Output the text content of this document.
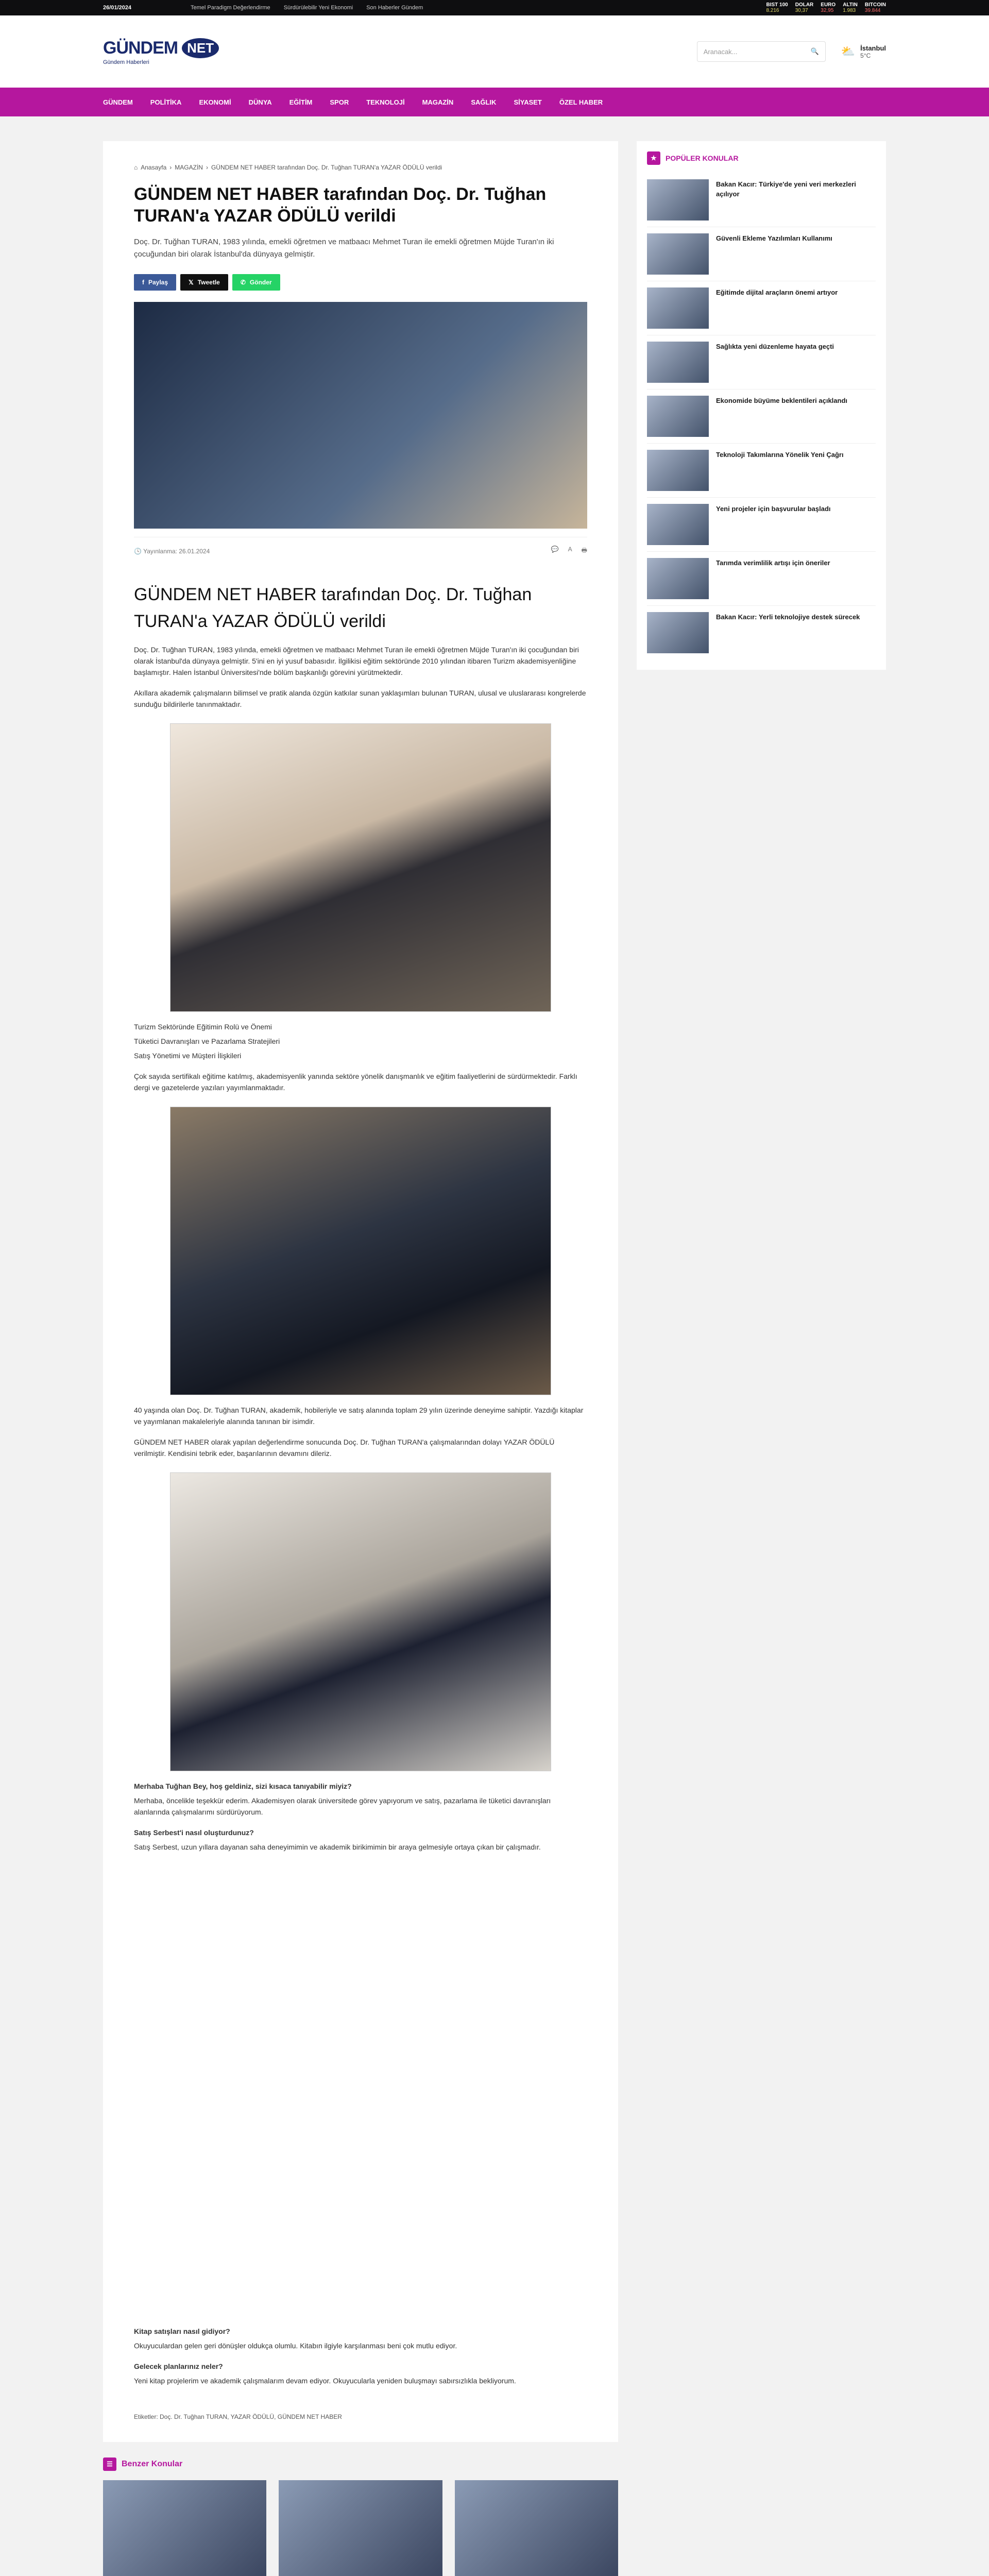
26/01/2024	Temel Paradigm Değerlendirme Sürdürülebilir Yeni Ekonomi Son Haberler Gündem	BIST 100
8.216
DOLAR
30,37
EURO
32,95
ALTIN
1.983
BITCOIN
39.844
GÜNDEM NET
Gündem Haberleri
Aranacak...	🔍 ⛅ İstanbul
5°C
GÜNDEM	POLİTİKA	EKONOMİ	DÜNYA	EĞİTİM	SPOR	TEKNOLOJİ	MAGAZİN	SAĞLIK	SİYASET	ÖZEL HABER
⌂ Anasayfa › MAGAZİN › GÜNDEM NET HABER tarafından Doç. Dr. Tuğhan TURAN'a YAZAR ÖDÜLÜ verildi
GÜNDEM NET HABER tarafından Doç. Dr. Tuğhan TURAN'a YAZAR ÖDÜLÜ verildi

Doç. Dr. Tuğhan TURAN, 1983 yılında, emekli öğretmen ve matbaacı Mehmet Turan ile emekli öğretmen Müjde Turan'ın iki çocuğundan biri olarak İstanbul'da dünyaya gelmiştir.

f Paylaş	𝕏 Tweetle	✆ Gönder
🕓 Yayınlanma: 26.01.2024	💬 A 🖶
GÜNDEM NET HABER tarafından Doç. Dr. Tuğhan TURAN'a YAZAR ÖDÜLÜ verildi

Doç. Dr. Tuğhan TURAN, 1983 yılında, emekli öğretmen ve matbaacı Mehmet Turan ile emekli öğretmen Müjde Turan'ın iki çocuğundan biri olarak İstanbul'da dünyaya gelmiştir. 5'ini en iyi yusuf babasıdır. İlgilikisi eğitim sektöründe 2010 yılından itibaren Turizm akademisyenliğine başlamıştır. Halen İstanbul Üniversitesi'nde bölüm başkanlığı görevini yürütmektedir.

Akıllara akademik çalışmaların bilimsel ve pratik alanda özgün katkılar sunan yaklaşımları bulunan TURAN, ulusal ve uluslararası kongrelerde sunduğu bildirilerle tanınmaktadır.

Turizm Sektöründe Eğitimin Rolü ve Önemi

Tüketici Davranışları ve Pazarlama Stratejileri

Satış Yönetimi ve Müşteri İlişkileri

Çok sayıda sertifikalı eğitime katılmış, akademisyenlik yanında sektöre yönelik danışmanlık ve eğitim faaliyetlerini de sürdürmektedir. Farklı dergi ve gazetelerde yazıları yayımlanmaktadır.

40 yaşında olan Doç. Dr. Tuğhan TURAN, akademik, hobileriyle ve satış alanında toplam 29 yılın üzerinde deneyime sahiptir. Yazdığı kitaplar ve yayımlanan makaleleriyle alanında tanınan bir isimdir.

GÜNDEM NET HABER olarak yapılan değerlendirme sonucunda Doç. Dr. Tuğhan TURAN'a çalışmalarından dolayı YAZAR ÖDÜLÜ verilmiştir. Kendisini tebrik eder, başarılarının devamını dileriz.

Merhaba Tuğhan Bey, hoş geldiniz, sizi kısaca tanıyabilir miyiz?

Merhaba, öncelikle teşekkür ederim. Akademisyen olarak üniversitede görev yapıyorum ve satış, pazarlama ile tüketici davranışları alanlarında çalışmalarımı sürdürüyorum.

Satış Serbest'i nasıl oluşturdunuz?

Satış Serbest, uzun yıllara dayanan saha deneyimimin ve akademik birikimimin bir araya gelmesiyle ortaya çıkan bir çalışmadır.

Kitap satışları nasıl gidiyor?

Okuyuculardan gelen geri dönüşler oldukça olumlu. Kitabın ilgiyle karşılanması beni çok mutlu ediyor.

Gelecek planlarınız neler?

Yeni kitap projelerim ve akademik çalışmalarım devam ediyor. Okuyucularla yeniden buluşmayı sabırsızlıkla bekliyorum.

Etiketler: Doç. Dr. Tuğhan TURAN, YAZAR ÖDÜLÜ, GÜNDEM NET HABER
☰	Benzer Konular
★	POPÜLER KONULAR
Bakan Kacır: Türkiye'de yeni veri merkezleri açılıyor
Güvenli Ekleme Yazılımları Kullanımı
Eğitimde dijital araçların önemi artıyor
Sağlıkta yeni düzenleme hayata geçti
Ekonomide büyüme beklentileri açıklandı
Teknoloji Takımlarına Yönelik Yeni Çağrı
Yeni projeler için başvurular başladı
Tarımda verimlilik artışı için öneriler
Bakan Kacır: Yerli teknolojiye destek sürecek
